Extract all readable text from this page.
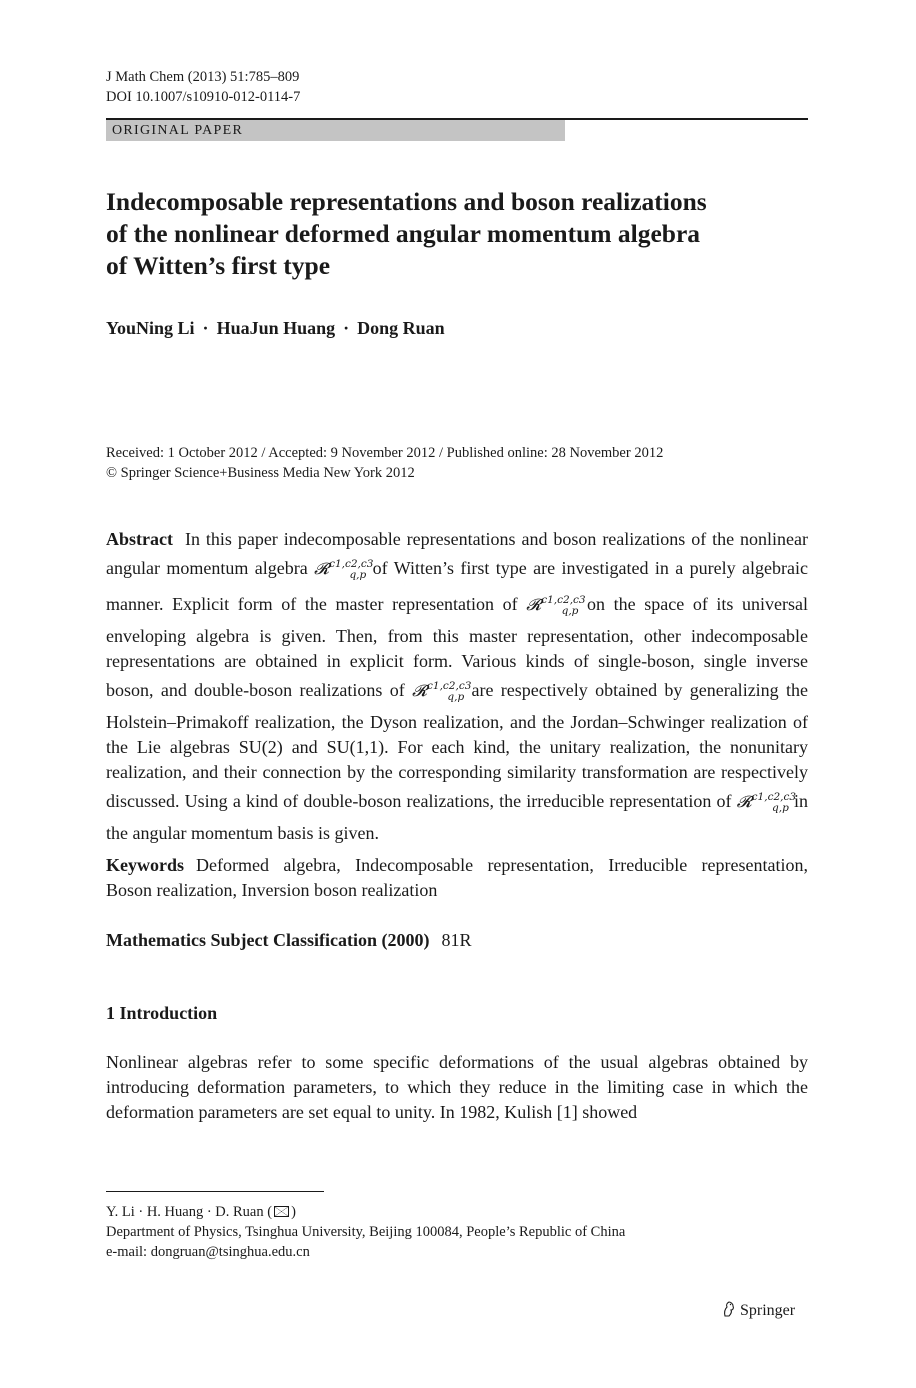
J Math Chem (2013) 51:785–809
DOI 10.1007/s10910-012-0114-7
ORIGINAL PAPER
Indecomposable representations and boson realizations
of the nonlinear deformed angular momentum algebra
of Witten’s first type
YouNing Li · HuaJun Huang · Dong Ruan
Received: 1 October 2012 / Accepted: 9 November 2012 / Published online: 28 November 2012
© Springer Science+Business Media New York 2012
Abstract In this paper indecomposable representations and boson realizations of the nonlinear angular momentum algebra 𝓡$^{c1,c2,c3}_{q,p}$ of Witten’s first type are investigated in a purely algebraic manner. Explicit form of the master representation of 𝓡$^{c1,c2,c3}_{q,p}$ on the space of its universal enveloping algebra is given. Then, from this master representation, other indecomposable representations are obtained in explicit form. Various kinds of single-boson, single inverse boson, and double-boson realizations of 𝓡$^{c1,c2,c3}_{q,p}$ are respectively obtained by generalizing the Holstein–Primakoff realization, the Dyson realization, and the Jordan–Schwinger realization of the Lie algebras SU(2) and SU(1,1). For each kind, the unitary realization, the nonunitary realization, and their connection by the corresponding similarity transformation are respectively discussed. Using a kind of double-boson realizations, the irreducible representation of 𝓡$^{c1,c2,c3}_{q,p}$ in the angular momentum basis is given.
Keywords Deformed algebra, Indecomposable representation, Irreducible representation, Boson realization, Inversion boson realization
Mathematics Subject Classification (2000) 81R
1 Introduction
Nonlinear algebras refer to some specific deformations of the usual algebras obtained by introducing deformation parameters, to which they reduce in the limiting case in which the deformation parameters are set equal to unity. In 1982, Kulish [1] showed
Y. Li · H. Huang · D. Ruan ( )
Department of Physics, Tsinghua University, Beijing 100084, People’s Republic of China
e-mail: dongruan@tsinghua.edu.cn
Springer
